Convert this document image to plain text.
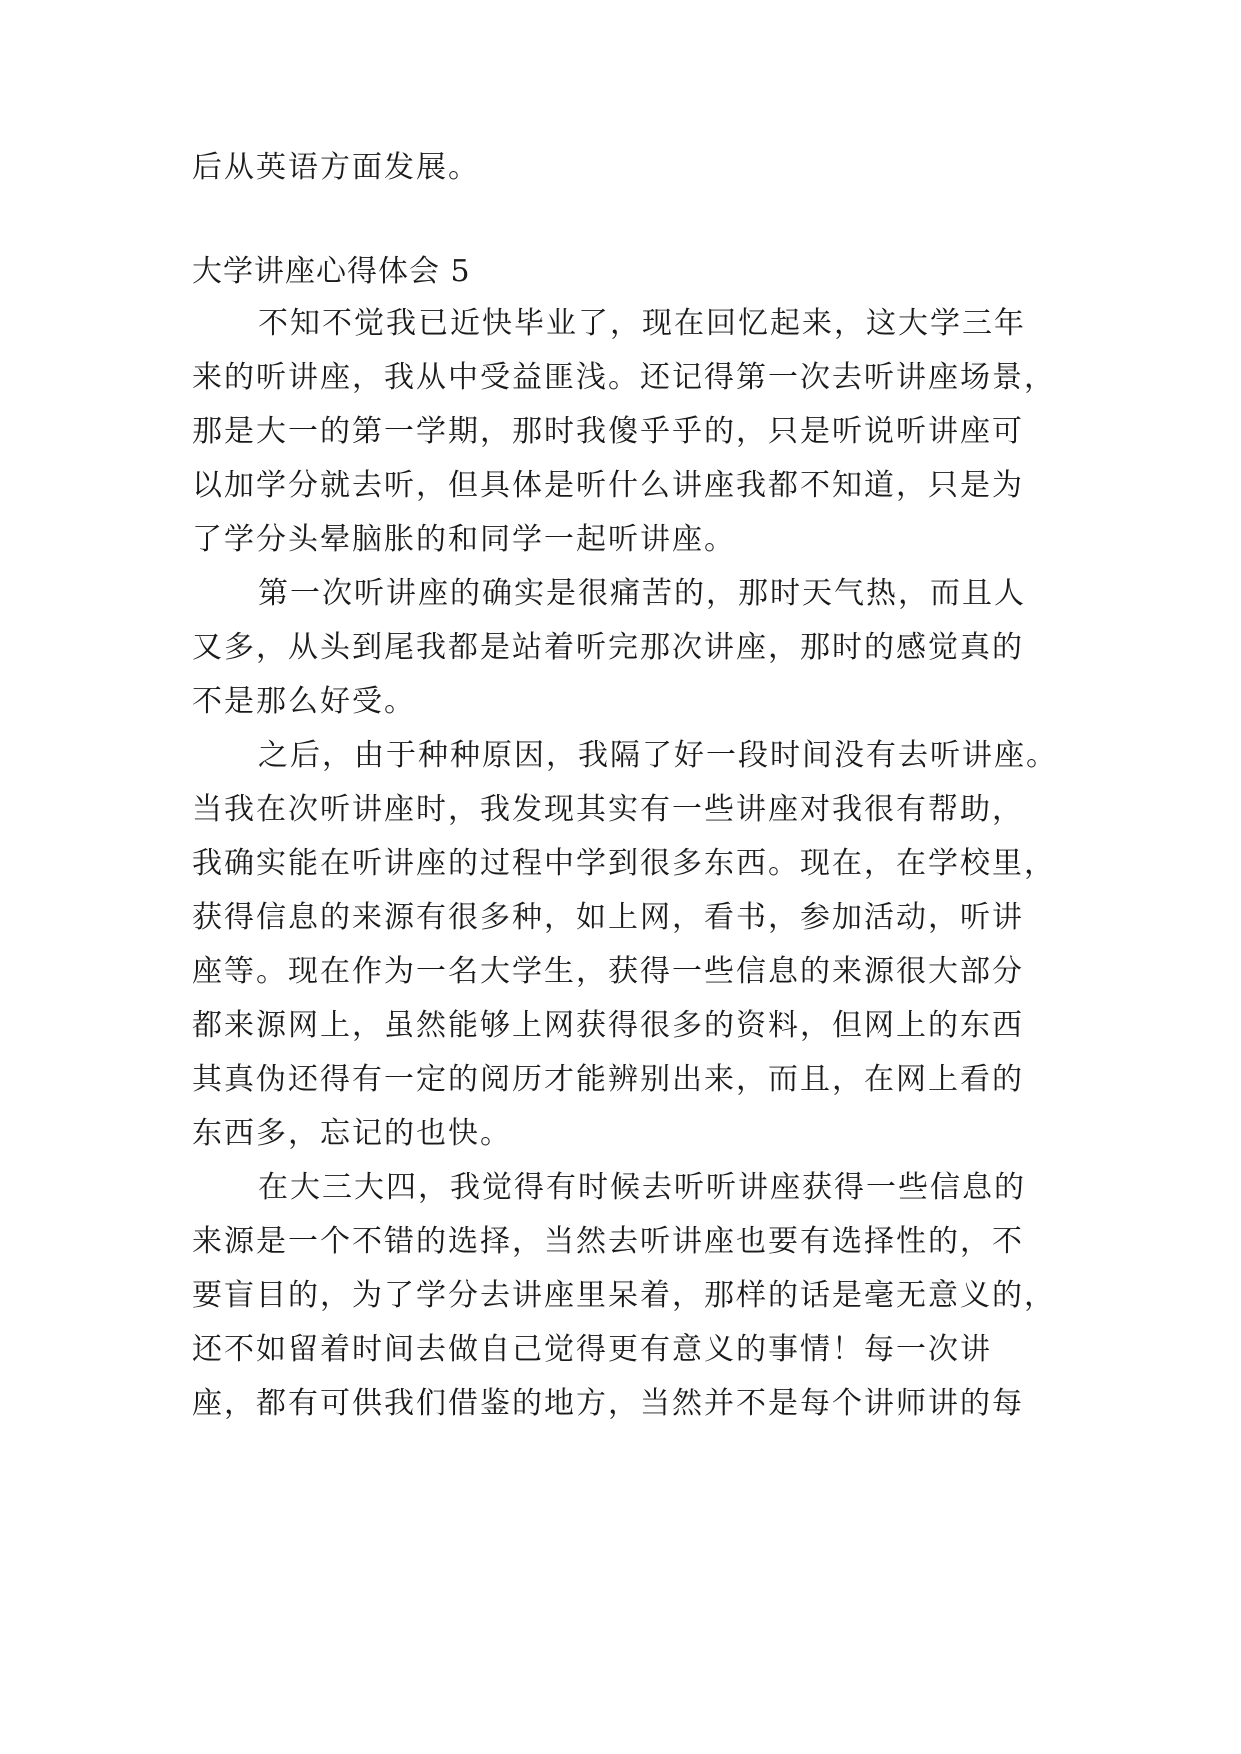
后从英语方面发展。
大学讲座心得体会 5
不知不觉我已近快毕业了，现在回忆起来，这大学三年
来的听讲座，我从中受益匪浅。还记得第一次去听讲座场景，
那是大一的第一学期，那时我傻乎乎的，只是听说听讲座可
以加学分就去听，但具体是听什么讲座我都不知道，只是为
了学分头晕脑胀的和同学一起听讲座。
第一次听讲座的确实是很痛苦的，那时天气热，而且人
又多，从头到尾我都是站着听完那次讲座，那时的感觉真的
不是那么好受。
之后，由于种种原因，我隔了好一段时间没有去听讲座。
当我在次听讲座时，我发现其实有一些讲座对我很有帮助，
我确实能在听讲座的过程中学到很多东西。现在，在学校里，
获得信息的来源有很多种，如上网，看书，参加活动，听讲
座等。现在作为一名大学生，获得一些信息的来源很大部分
都来源网上，虽然能够上网获得很多的资料，但网上的东西
其真伪还得有一定的阅历才能辨别出来，而且，在网上看的
东西多，忘记的也快。
在大三大四，我觉得有时候去听听讲座获得一些信息的
来源是一个不错的选择，当然去听讲座也要有选择性的，不
要盲目的，为了学分去讲座里呆着，那样的话是毫无意义的，
还不如留着时间去做自己觉得更有意义的事情！每一次讲
座，都有可供我们借鉴的地方，当然并不是每个讲师讲的每
